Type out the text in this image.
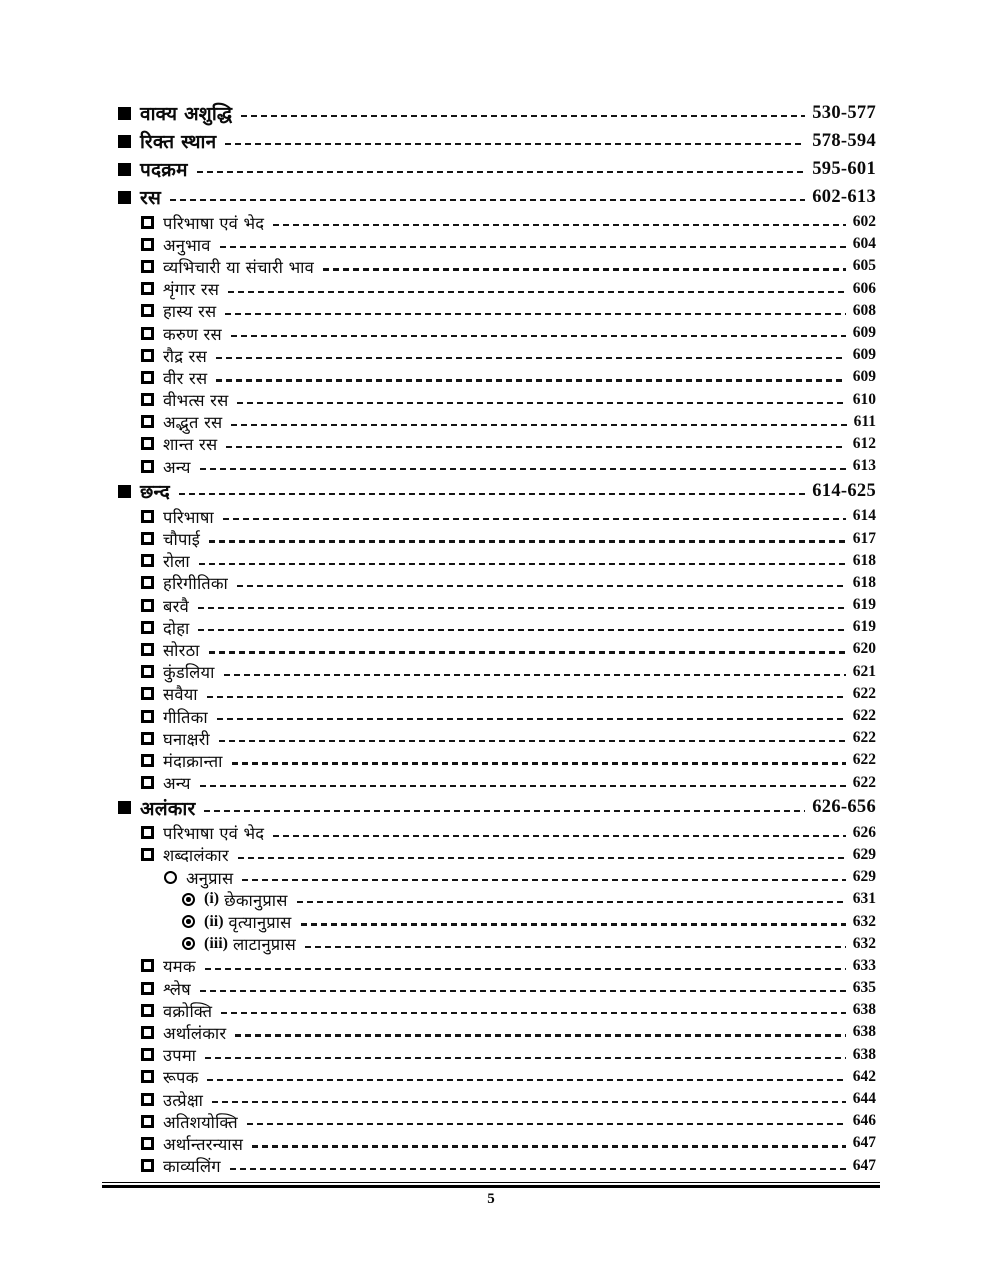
वाक्य अशुद्धि	530-577
रिक्त स्थान	578-594
पदक्रम	595-601
रस	602-613
परिभाषा एवं भेद	602
अनुभाव	604
व्यभिचारी या संचारी भाव	605
शृंगार रस	606
हास्य रस	608
करुण रस	609
रौद्र रस	609
वीर रस	609
वीभत्स रस	610
अद्भुत रस	611
शान्त रस	612
अन्य	613
छन्द	614-625
परिभाषा	614
चौपाई	617
रोला	618
हरिगीतिका	618
बरवै	619
दोहा	619
सोरठा	620
कुंडलिया	621
सवैया	622
गीतिका	622
घनाक्षरी	622
मंदाक्रान्ता	622
अन्य	622
अलंकार	626-656
परिभाषा एवं भेद	626
शब्दालंकार	629
अनुप्रास	629
(i) छेकानुप्रास	631
(ii) वृत्यानुप्रास	632
(iii) लाटानुप्रास	632
यमक	633
श्लेष	635
वक्रोक्ति	638
अर्थालंकार	638
उपमा	638
रूपक	642
उत्प्रेक्षा	644
अतिशयोक्ति	646
अर्थान्तरन्यास	647
काव्यलिंग	647
5
